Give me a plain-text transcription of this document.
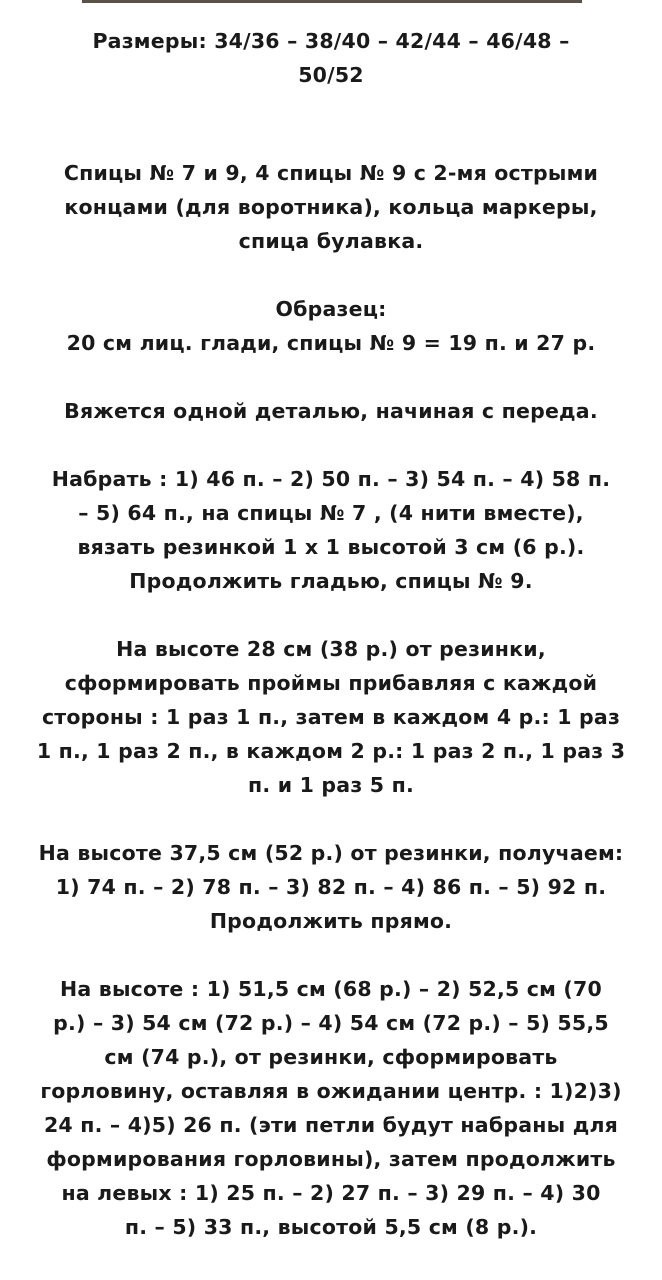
Размеры: 34/36 – 38/40 – 42/44 – 46/48 –
50/52

Спицы № 7 и 9, 4 спицы № 9 с 2-мя острыми
концами (для воротника), кольца маркеры,
спица булавка.

Образец:

20 см лиц. глади, спицы № 9 = 19 п. и 27 р.

Вяжется одной деталью, начиная с переда.

Набрать : 1) 46 п. – 2) 50 п. – 3) 54 п. – 4) 58 п.
– 5) 64 п., на спицы № 7 , (4 нити вместе),
вязать резинкой 1 х 1 высотой 3 см (6 р.).
Продолжить гладью, спицы № 9.

На высоте 28 см (38 р.) от резинки,
сформировать проймы прибавляя с каждой
стороны : 1 раз 1 п., затем в каждом 4 р.: 1 раз
1 п., 1 раз 2 п., в каждом 2 р.: 1 раз 2 п., 1 раз 3
п. и 1 раз 5 п.

На высоте 37,5 см (52 р.) от резинки, получаем:
1) 74 п. – 2) 78 п. – 3) 82 п. – 4) 86 п. – 5) 92 п.
Продолжить прямо.

На высоте : 1) 51,5 см (68 р.) – 2) 52,5 см (70
р.) – 3) 54 см (72 р.) – 4) 54 см (72 р.) – 5) 55,5
см (74 р.), от резинки, сформировать
горловину, оставляя в ожидании центр. : 1)2)3)
24 п. – 4)5) 26 п. (эти петли будут набраны для
формирования горловины), затем продолжить
на левых : 1) 25 п. – 2) 27 п. – 3) 29 п. – 4) 30
п. – 5) 33 п., высотой 5,5 см (8 р.).
